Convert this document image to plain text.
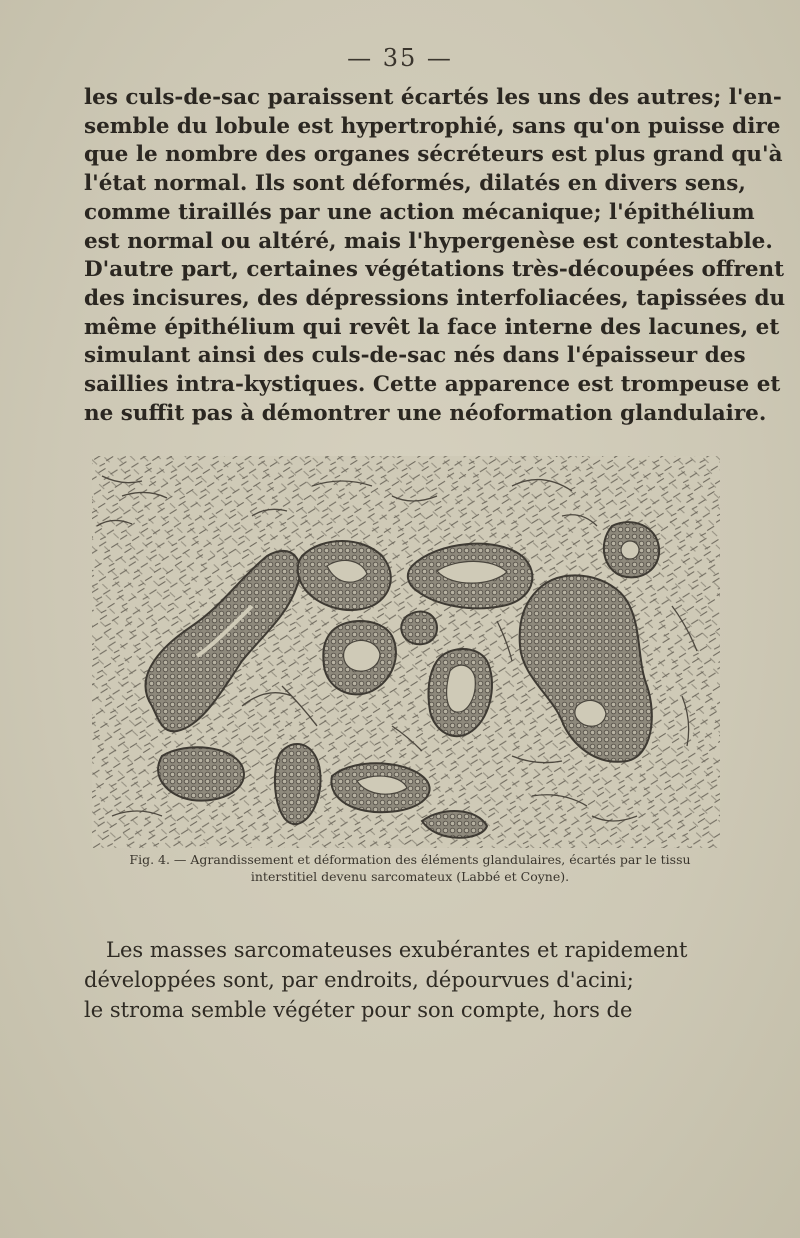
— 35 —

les culs-de-sac paraissent écartés les uns des autres; l'en-
semble du lobule est hypertrophié, sans qu'on puisse dire
que le nombre des organes sécréteurs est plus grand qu'à
l'état normal. Ils sont déformés, dilatés en divers sens,
comme tiraillés par une action mécanique; l'épithélium
est normal ou altéré, mais l'hypergenèse est contestable.
D'autre part, certaines végétations très-découpées offrent
des incisures, des dépressions interfoliacées, tapissées du
même épithélium qui revêt la face interne des lacunes, et
simulant ainsi des culs-de-sac nés dans l'épaisseur des
saillies intra-kystiques. Cette apparence est trompeuse et
ne suffit pas à démontrer une néoformation glandulaire.

Fig. 4. — Agrandissement et déformation des éléments glandulaires, écartés par le tissu
interstitiel devenu sarcomateux (Labbé et Coyne).

Les masses sarcomateuses exubérantes et rapidement
développées sont, par endroits, dépourvues d'acini;
le stroma semble végéter pour son compte, hors de
